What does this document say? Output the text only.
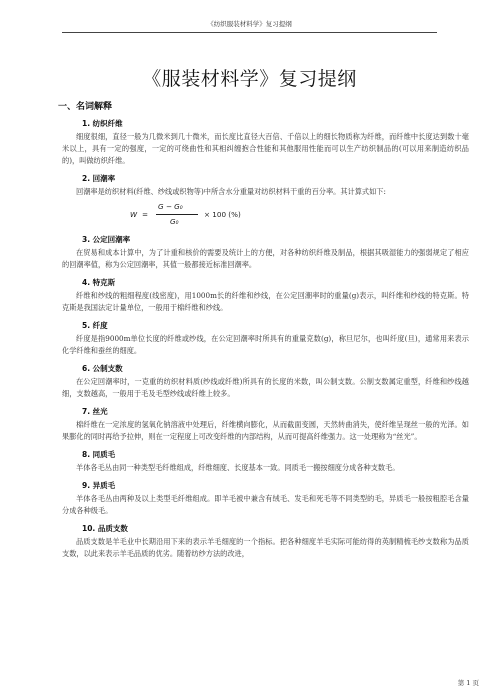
《纺织服装材料学》复习提纲
《服装材料学》复习提纲
一、名词解释
1. 纺织纤维

细度很细，直径一般为几微米到几十微米，而长度比直径大百倍、千倍以上的细长物质称为纤维，而纤维中长度达到数十毫米以上，具有一定的强度，一定的可绕曲性和其相纠缠抱合性能和其他服用性能而可以生产纺织制品的(可以用来制造纺织品的)，叫做纺织纤维。

2. 回潮率

回潮率是纺织材料(纤维、纱线或织物等)中所含水分重量对纺织材料干重的百分率。其计算式如下:

W =
G − G₀
G₀
× 100 (%)
3. 公定回潮率

在贸易和成本计算中，为了计重和核价的需要及统计上的方便，对各种纺织纤维及制品，根据其吸湿能力的强弱规定了相应的回潮率值，称为公定回潮率，其值一般都接近标准回潮率。

4. 特克斯

纤维和纱线的粗细程度(线密度)，用1000m长的纤维和纱线，在公定回潮率时的重量(g)表示，叫纤维和纱线的特克斯。特克斯是我国法定计量单位，一般用于棉纤维和纱线。

5. 纤度

纤度是指9000m单位长度的纤维或纱线，在公定回潮率时所具有的重量克数(g)，称旦尼尔，也叫纤度(旦)，通常用来表示化学纤维和蚕丝的细度。

6. 公制支数

在公定回潮率时，一克重的纺织材料质(纱线或纤维)所具有的长度的米数，叫公制支数。公制支数属定重型，纤维和纱线越细，支数越高，一般用于毛及毛型纱线或纤维上较多。

7. 丝光

棉纤维在一定浓度的氢氧化钠溶液中处理后，纤维横向膨化，从而截面变圆，天然转曲消失，使纤维呈现丝一般的光泽。如果膨化的同时再给予拉伸，则在一定程度上可改变纤维的内部结构，从而可提高纤维强力。这一处理称为“丝光”。

8. 同质毛

羊体各毛丛由同一种类型毛纤维组成，纤维细度、长度基本一致。同质毛一搬按细度分成各种支数毛。

9. 异质毛

羊体各毛丛由两种及以上类型毛纤维组成。即羊毛被中兼含有绒毛、发毛和死毛等不同类型的毛，异质毛一般按粗腔毛含量分成各种级毛。

10. 品质支数

品质支数是羊毛业中长期沿用下来的表示羊毛细度的一个指标。把各种细度羊毛实际可能纺得的英制精梳毛纱支数称为品质支数，以此来表示羊毛品质的优劣。随着纺纱方法的改进，

第 1 页
